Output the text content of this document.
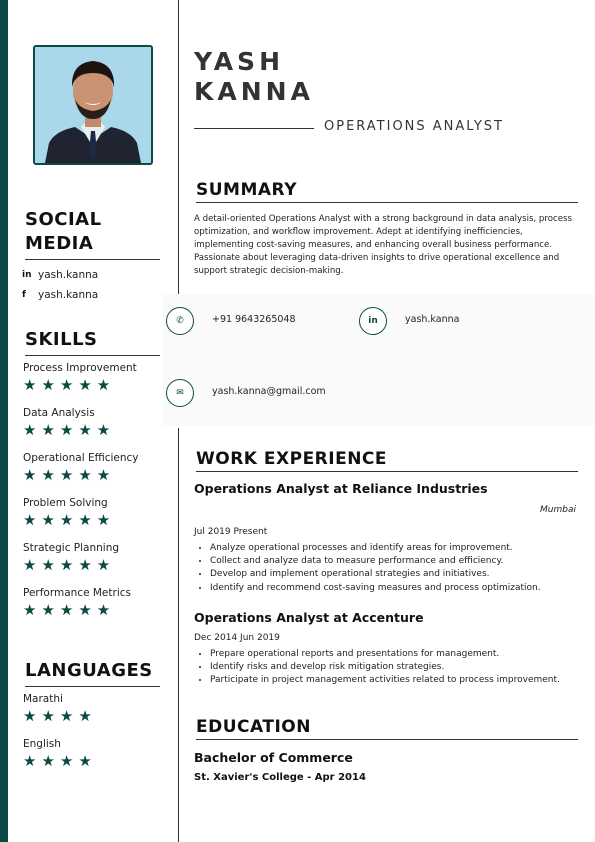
SOCIAL
MEDIA
in yash.kanna
f	yash.kanna
SKILLS
Process Improvement
★★★★★
Data Analysis
★★★★★
Operational Efficiency
★★★★★
Problem Solving
★★★★★
Strategic Planning
★★★★★
Performance Metrics
★★★★★
LANGUAGES
Marathi
★★★★
English
★★★★
YASH
KANNA
OPERATIONS ANALYST
SUMMARY
A detail-oriented Operations Analyst with a strong background in data analysis, process optimization, and workflow improvement. Adept at identifying inefficiencies, implementing cost-saving measures, and enhancing overall business performance. Passionate about leveraging data-driven insights to drive operational excellence and support strategic decision-making.
✆	+91 9643265048	in	yash.kanna
✉	yash.kanna@gmail.com
WORK EXPERIENCE
Operations Analyst at Reliance Industries
Mumbai
Jul 2019 Present
• Analyze operational processes and identify areas for improvement.
• Collect and analyze data to measure performance and efficiency.
• Develop and implement operational strategies and initiatives.
• Identify and recommend cost-saving measures and process optimization.
Operations Analyst at Accenture
Dec 2014 Jun 2019
• Prepare operational reports and presentations for management.
• Identify risks and develop risk mitigation strategies.
• Participate in project management activities related to process improvement.
EDUCATION
Bachelor of Commerce
St. Xavier's College - Apr 2014
